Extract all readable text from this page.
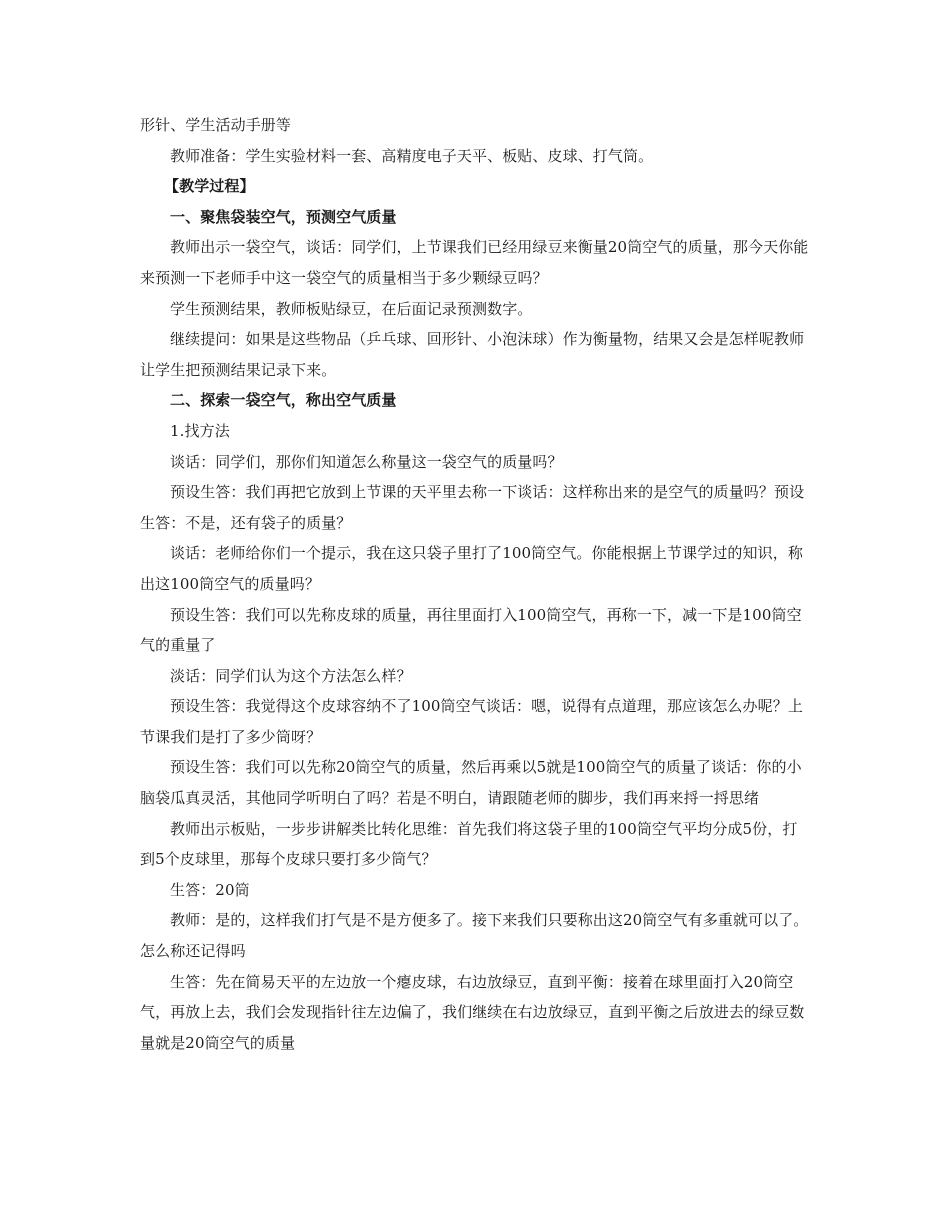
形针、学生活动手册等

教师准备：学生实验材料一套、高精度电子天平、板贴、皮球、打气筒。

【教学过程】

一、聚焦袋装空气，预测空气质量

教师出示一袋空气，谈话：同学们，上节课我们已经用绿豆来衡量20筒空气的质量，那今天你能来预测一下老师手中这一袋空气的质量相当于多少颗绿豆吗？

学生预测结果，教师板贴绿豆，在后面记录预测数字。

继续提问：如果是这些物品（乒乓球、回形针、小泡沫球）作为衡量物，结果又会是怎样呢教师让学生把预测结果记录下来。

二、探索一袋空气，称出空气质量

1.找方法

谈话：同学们，那你们知道怎么称量这一袋空气的质量吗？

预设生答：我们再把它放到上节课的天平里去称一下谈话：这样称出来的是空气的质量吗？预设生答：不是，还有袋子的质量？

谈话：老师给你们一个提示，我在这只袋子里打了100筒空气。你能根据上节课学过的知识，称出这100筒空气的质量吗？

预设生答：我们可以先称皮球的质量，再往里面打入100筒空气，再称一下，减一下是100筒空气的重量了

淡话：同学们认为这个方法怎么样？

预设生答：我觉得这个皮球容纳不了100筒空气谈话：嗯，说得有点道理，那应该怎么办呢？上节课我们是打了多少筒呀？

预设生答：我们可以先称20筒空气的质量，然后再乘以5就是100筒空气的质量了谈话：你的小脑袋瓜真灵活，其他同学听明白了吗？若是不明白，请跟随老师的脚步，我们再来捋一捋思绪

教师出示板贴，一步步讲解类比转化思维：首先我们将这袋子里的100筒空气平均分成5份，打到5个皮球里，那每个皮球只要打多少筒气？

生答：20筒

教师：是的，这样我们打气是不是方便多了。接下来我们只要称出这20筒空气有多重就可以了。怎么称还记得吗

生答：先在简易天平的左边放一个瘪皮球，右边放绿豆，直到平衡：接着在球里面打入20筒空气，再放上去，我们会发现指针往左边偏了，我们继续在右边放绿豆，直到平衡之后放进去的绿豆数量就是20筒空气的质量
